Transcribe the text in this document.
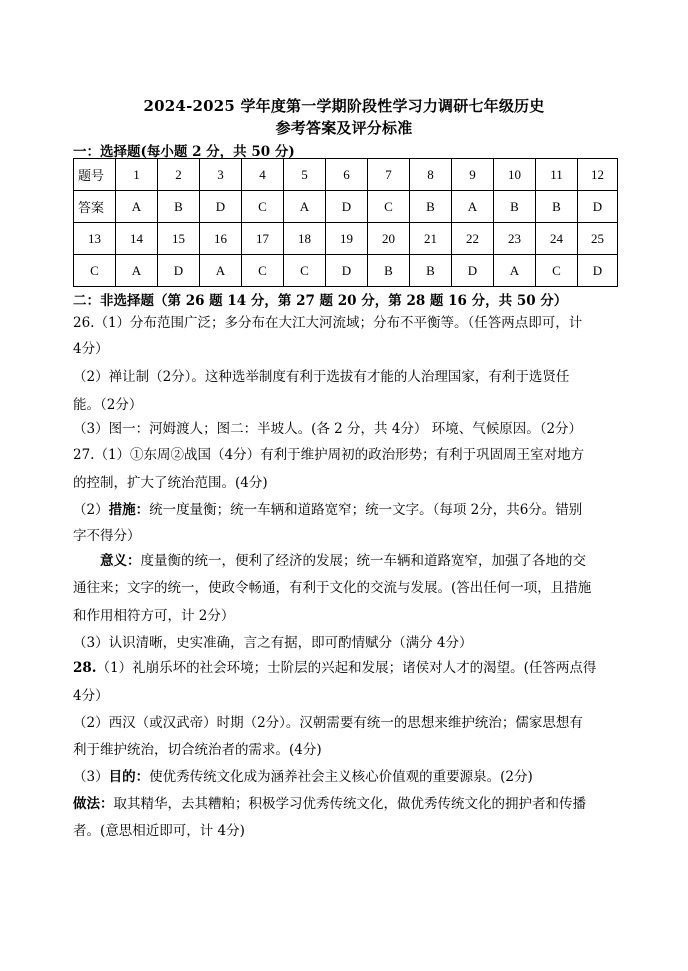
2024-2025 学年度第一学期阶段性学习力调研七年级历史
参考答案及评分标准
一：选择题(每小题 2 分，共 50 分)
题号	1	2	3	4	5	6	7	8	9	10	11	12
答案	A	B	D	C	A	D	C	B	A	B	B	D
13	14	15	16	17	18	19	20	21	22	23	24	25
C	A	D	A	C	C	D	B	B	D	A	C	D
二：非选择题（第 26 题 14 分，第 27 题 20 分，第 28 题 16 分，共 50 分）
26.（1）分布范围广泛；多分布在大江大河流域；分布不平衡等。（任答两点即可，计
4分）
（2）禅让制（2分）。这种选举制度有利于选拔有才能的人治理国家，有利于选贤任
能。（2分）
（3）图一：河姆渡人；图二：半坡人。(各 2 分，共 4分） 环境、气候原因。（2分）
27.（1）①东周②战国（4分）有利于维护周初的政治形势；有利于巩固周王室对地方
的控制，扩大了统治范围。(4分)
（2）措施：统一度量衡；统一车辆和道路宽窄；统一文字。（每项 2分，共6分。错别
字不得分）
　　意义：度量衡的统一，便利了经济的发展；统一车辆和道路宽窄，加强了各地的交
通往来；文字的统一，使政令畅通，有利于文化的交流与发展。(答出任何一项，且措施
和作用相符方可，计 2分）
（3）认识清晰，史实准确，言之有据，即可酌情赋分（满分 4分）
28.（1）礼崩乐坏的社会环境；士阶层的兴起和发展；诸侯对人才的渴望。(任答两点得
4分）
（2）西汉（或汉武帝）时期（2分）。汉朝需要有统一的思想来维护统治；儒家思想有
利于维护统治，切合统治者的需求。(4分)
（3）目的：使优秀传统文化成为涵养社会主义核心价值观的重要源泉。(2分)
做法：取其精华，去其糟粕；积极学习优秀传统文化，做优秀传统文化的拥护者和传播
者。(意思相近即可，计 4分)
